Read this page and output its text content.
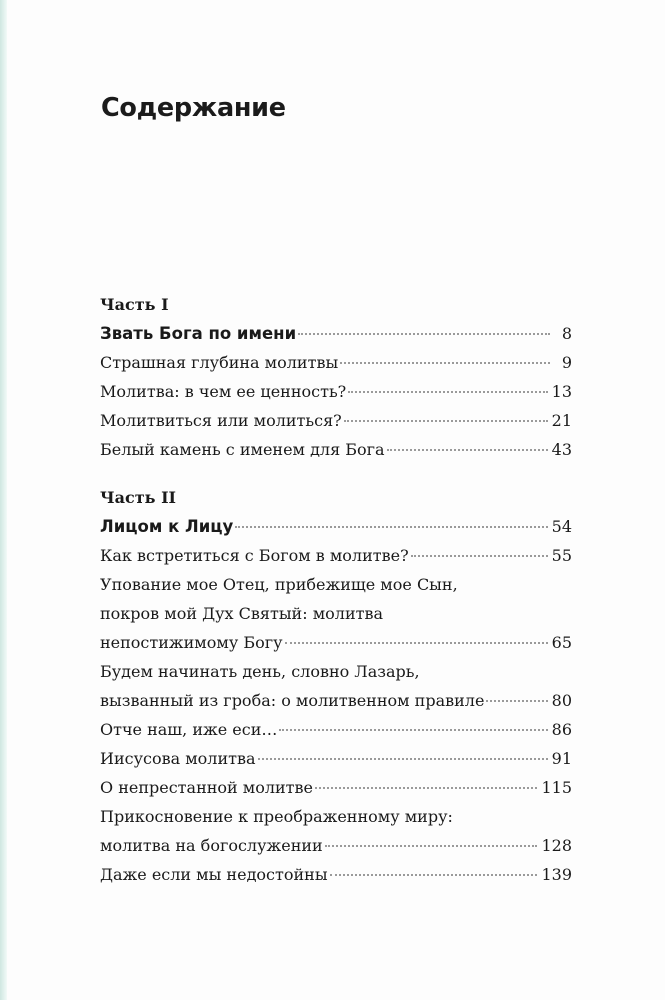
Содержание
Часть I
Звать Бога по имени	8
Страшная глубина молитвы	9
Молитва: в чем ее ценность?	13
Молитвиться или молиться?	21
Белый камень с именем для Бога	43
Часть II
Лицом к Лицу	54
Как встретиться с Богом в молитве?	55
Упование мое Отец, прибежище мое Сын,
покров мой Дух Святый: молитва
непостижимому Богу	65
Будем начинать день, словно Лазарь,
вызванный из гроба: о молитвенном правиле	80
Отче наш, иже еси…	86
Иисусова молитва	91
О непрестанной молитве	115
Прикосновение к преображенному миру:
молитва на богослужении	128
Даже если мы недостойны	139
